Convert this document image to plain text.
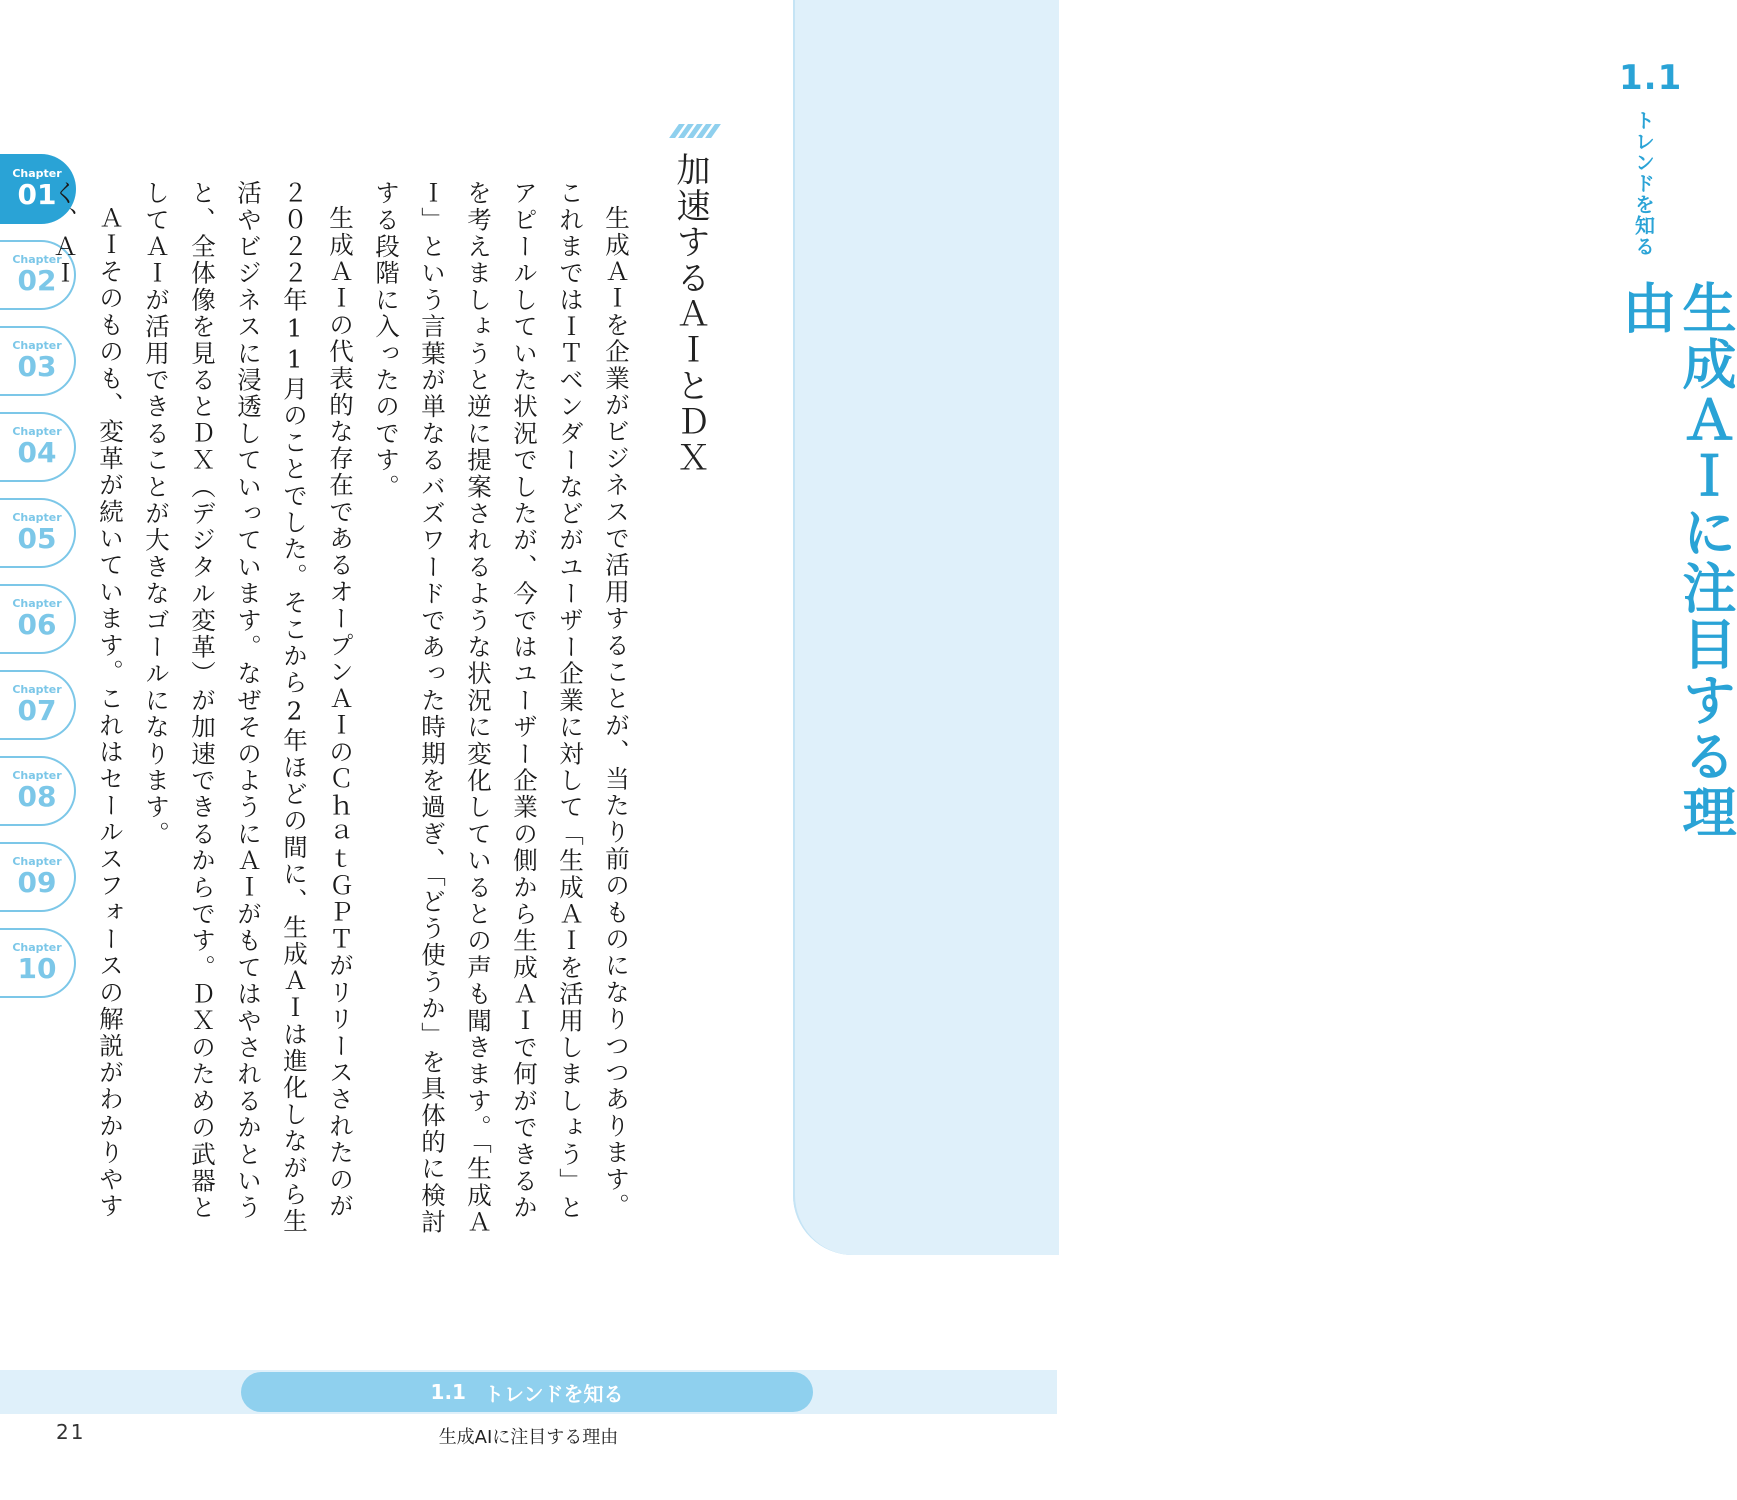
1.1
トレンドを知る
生成ＡＩに注目する理由
Chapter
01
Chapter
02
Chapter
03
Chapter
04
Chapter
05
Chapter
06
Chapter
07
Chapter
08
Chapter
09
Chapter
10
加速するＡＩとＤＸ

生成ＡＩを企業がビジネスで活用することが、当たり前のものになりつつあります。これまではＩＴベンダーなどがユーザー企業に対して「生成ＡＩを活用しましょう」とアピールしていた状況でしたが、今ではユーザー企業の側から生成ＡＩで何ができるかを考えましょうと逆に提案されるような状況に変化しているとの声も聞きます。「生成ＡＩ」という言葉が単なるバズワードであった時期を過ぎ、「どう使うか」を具体的に検討する段階に入ったのです。

生成ＡＩの代表的な存在であるオープンＡＩのＣｈａｔＧＰＴがリリースされたのが２０２２年11月のことでした。そこから2年ほどの間に、生成ＡＩは進化しながら生活やビジネスに浸透していっています。なぜそのようにＡＩがもてはやされるかというと、全体像を見るとＤＸ（デジタル変革）が加速できるからです。ＤＸのための武器としてＡＩが活用できることが大きなゴールになります。

ＡＩそのものも、変革が続いています。これはセールスフォースの解説がわかりやすく、ＡＩ

1.1 トレンドを知る
21	生成AIに注目する理由
